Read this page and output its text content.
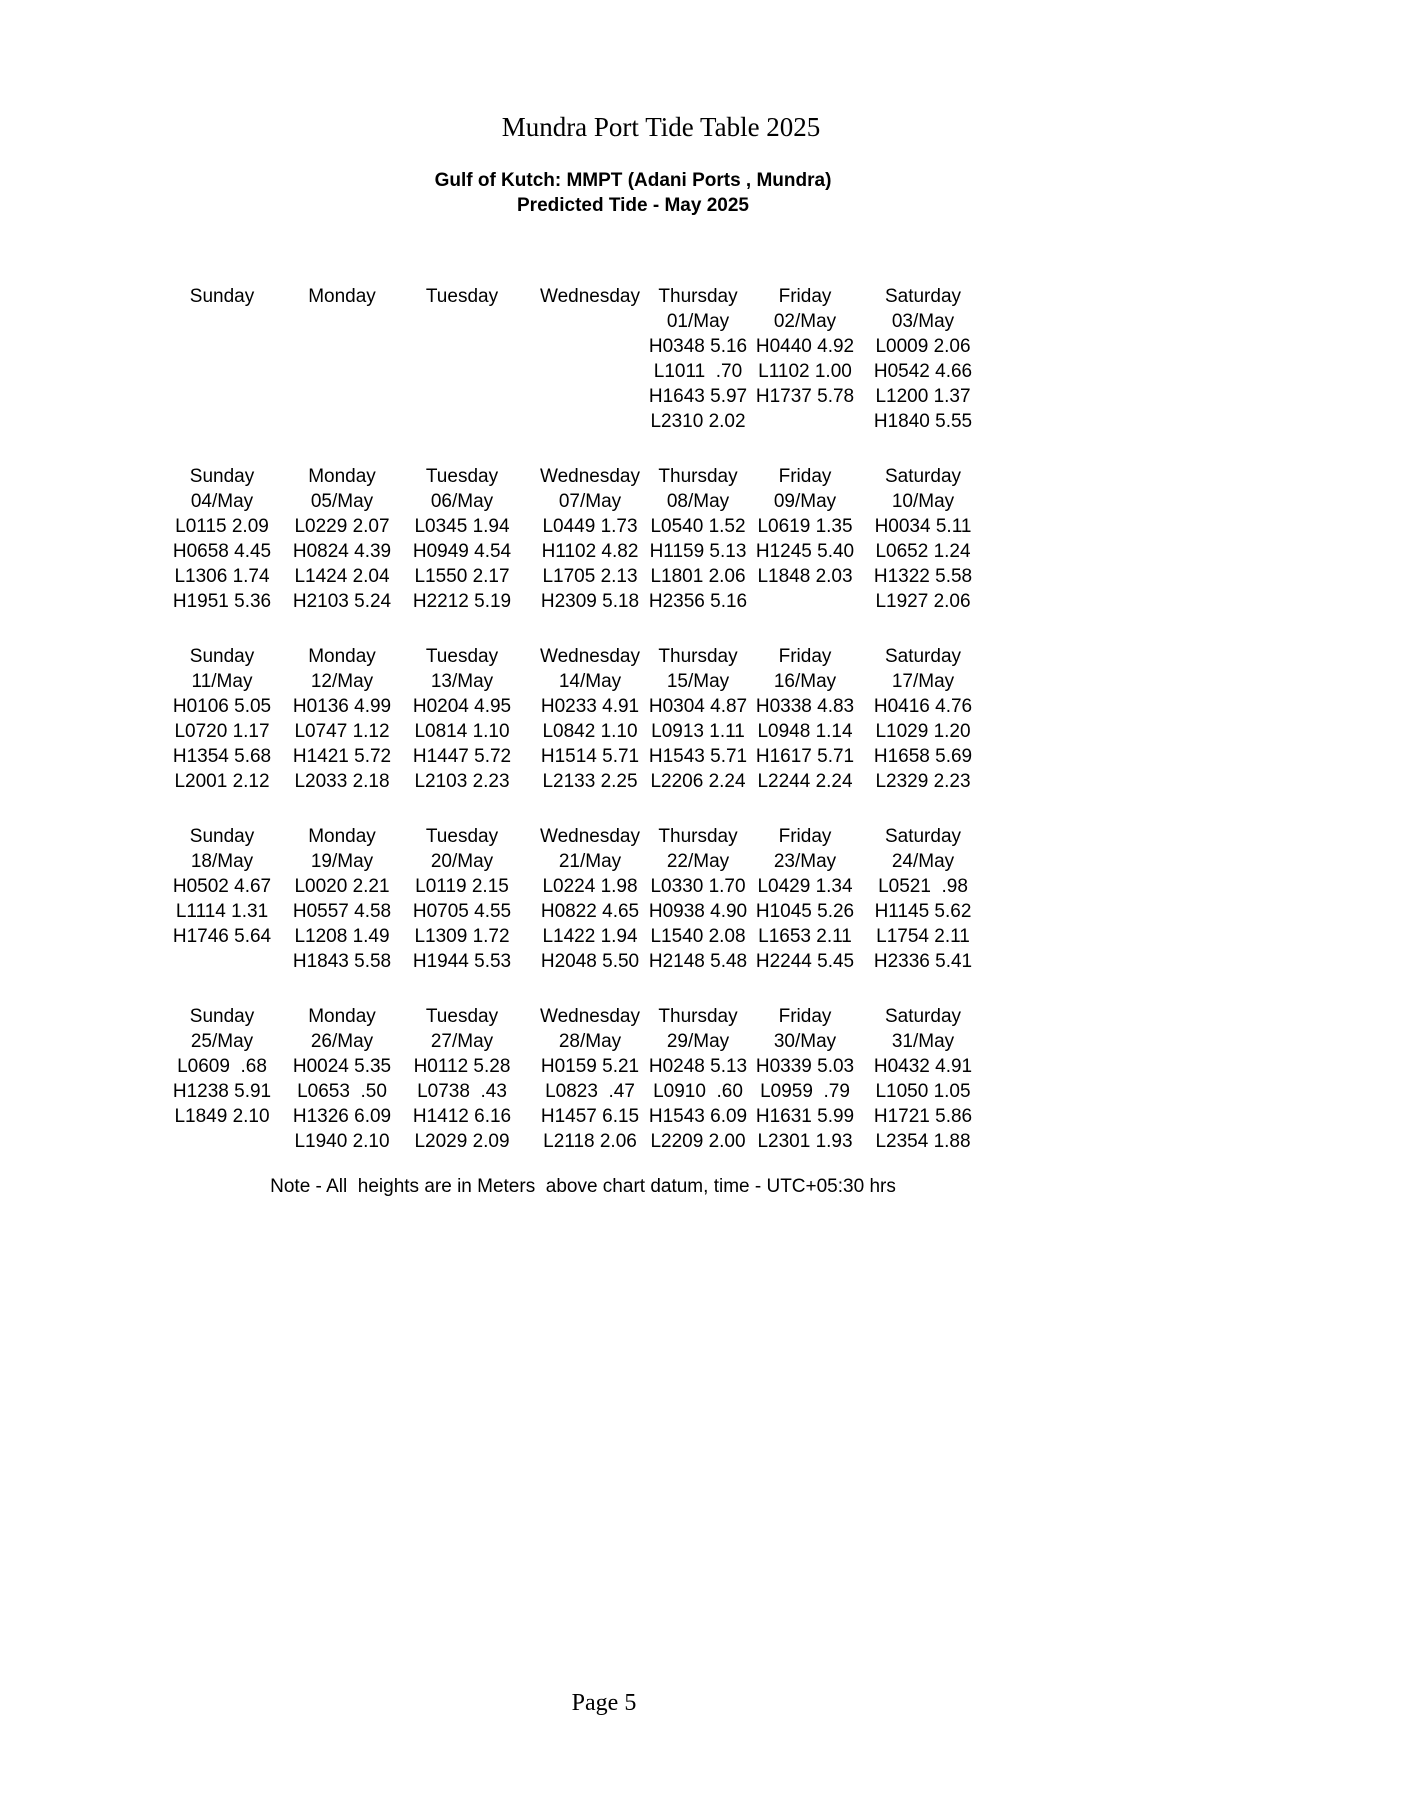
Mundra Port Tide Table 2025
Gulf of Kutch: MMPT (Adani Ports , Mundra)
Predicted Tide - May 2025
Sunday	Monday	Tuesday Wednesday Thursday
01/May
H0348 5.16
L1011  .70
H1643 5.97
L2310 2.02
Friday
02/May
H0440 4.92
L1102 1.00
H1737 5.78
Saturday
03/May
L0009 2.06
H0542 4.66
L1200 1.37
H1840 5.55
Sunday
04/May
L0115 2.09
H0658 4.45
L1306 1.74
H1951 5.36
Monday
05/May
L0229 2.07
H0824 4.39
L1424 2.04
H2103 5.24
Tuesday
06/May
L0345 1.94
H0949 4.54
L1550 2.17
H2212 5.19
Wednesday
07/May
L0449 1.73
H1102 4.82
L1705 2.13
H2309 5.18
Thursday
08/May
L0540 1.52
H1159 5.13
L1801 2.06
H2356 5.16
Friday
09/May
L0619 1.35
H1245 5.40
L1848 2.03
Saturday
10/May
H0034 5.11
L0652 1.24
H1322 5.58
L1927 2.06
Sunday
11/May
H0106 5.05
L0720 1.17
H1354 5.68
L2001 2.12
Monday
12/May
H0136 4.99
L0747 1.12
H1421 5.72
L2033 2.18
Tuesday
13/May
H0204 4.95
L0814 1.10
H1447 5.72
L2103 2.23
Wednesday
14/May
H0233 4.91
L0842 1.10
H1514 5.71
L2133 2.25
Thursday
15/May
H0304 4.87
L0913 1.11
H1543 5.71
L2206 2.24
Friday
16/May
H0338 4.83
L0948 1.14
H1617 5.71
L2244 2.24
Saturday
17/May
H0416 4.76
L1029 1.20
H1658 5.69
L2329 2.23
Sunday
18/May
H0502 4.67
L1114 1.31
H1746 5.64
Monday
19/May
L0020 2.21
H0557 4.58
L1208 1.49
H1843 5.58
Tuesday
20/May
L0119 2.15
H0705 4.55
L1309 1.72
H1944 5.53
Wednesday
21/May
L0224 1.98
H0822 4.65
L1422 1.94
H2048 5.50
Thursday
22/May
L0330 1.70
H0938 4.90
L1540 2.08
H2148 5.48
Friday
23/May
L0429 1.34
H1045 5.26
L1653 2.11
H2244 5.45
Saturday
24/May
L0521  .98
H1145 5.62
L1754 2.11
H2336 5.41
Sunday
25/May
L0609  .68
H1238 5.91
L1849 2.10
Monday
26/May
H0024 5.35
L0653  .50
H1326 6.09
L1940 2.10
Tuesday
27/May
H0112 5.28
L0738  .43
H1412 6.16
L2029 2.09
Wednesday
28/May
H0159 5.21
L0823  .47
H1457 6.15
L2118 2.06
Thursday
29/May
H0248 5.13
L0910  .60
H1543 6.09
L2209 2.00
Friday
30/May
H0339 5.03
L0959  .79
H1631 5.99
L2301 1.93
Saturday
31/May
H0432 4.91
L1050 1.05
H1721 5.86
L2354 1.88
Note - All  heights are in Meters  above chart datum, time - UTC+05:30 hrs
Page 5
